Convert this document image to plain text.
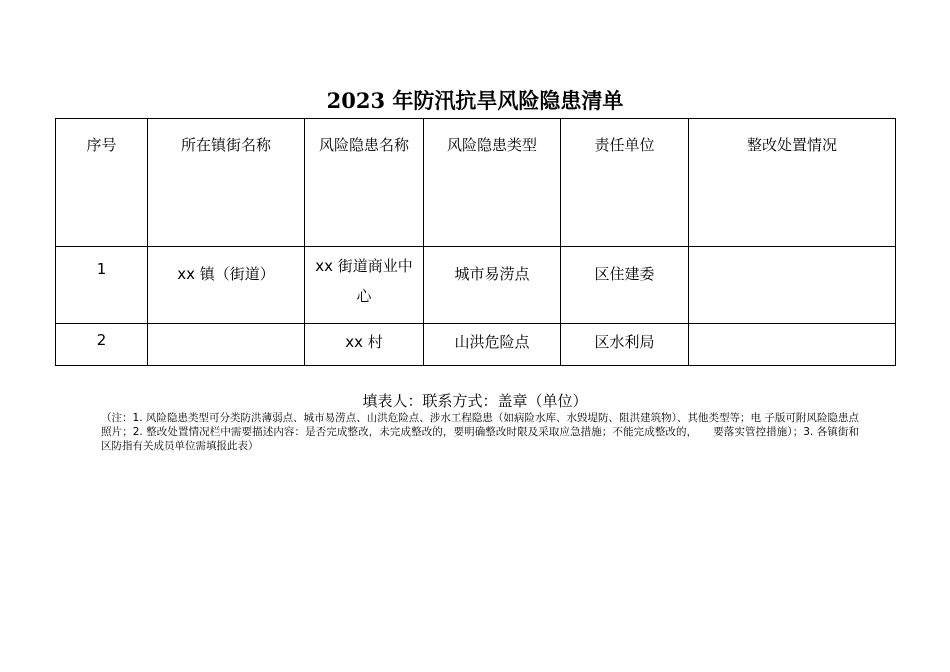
2023 年防汛抗旱风险隐患清单
序号	所在镇街名称	风险隐患名称	风险隐患类型	责任单位	整改处置情况
1	xx 镇（街道）	xx 街道商业中心	城市易涝点	区住建委	
2		xx 村	山洪危险点	区水利局	
填表人：联系方式：盖章（单位）
（注：1. 风险隐患类型可分类防洪薄弱点、城市易涝点、山洪危险点、涉水工程隐患（如病险水库、水毁堤防、阻洪建筑物）、其他类型等；电 子版可附风险隐患点照片；2. 整改处置情况栏中需要描述内容：是否完成整改，未完成整改的，要明确整改时限及采取应急措施；不能完成整改的，　　要落实管控措施）；3. 各镇街和区防指有关成员单位需填报此表）
